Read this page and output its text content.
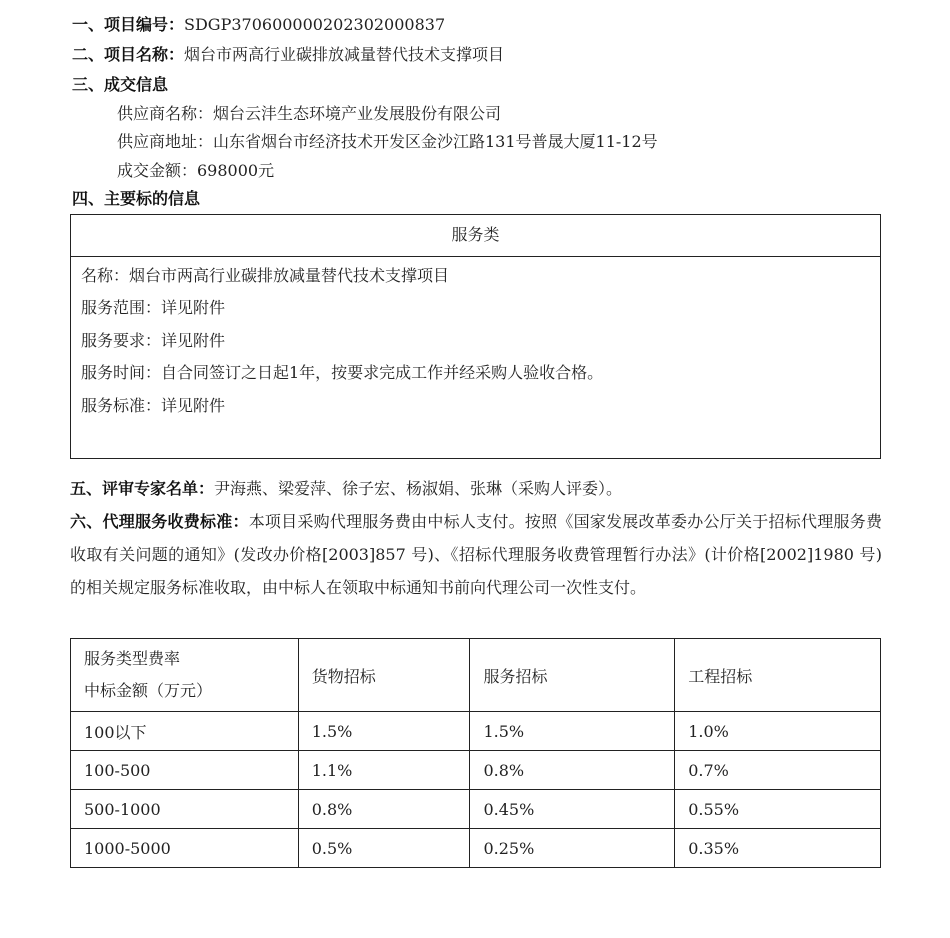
一、项目编号：SDGP370600000202302000837
二、项目名称：烟台市两高行业碳排放减量替代技术支撑项目
三、成交信息
供应商名称：烟台云沣生态环境产业发展股份有限公司
供应商地址：山东省烟台市经济技术开发区金沙江路131号普晟大厦11-12号
成交金额：698000元
四、主要标的信息
服务类
名称：烟台市两高行业碳排放减量替代技术支撑项目
服务范围：详见附件
服务要求：详见附件
服务时间：自合同签订之日起1年，按要求完成工作并经采购人验收合格。
服务标准：详见附件
五、评审专家名单：尹海燕、梁爱萍、徐子宏、杨淑娟、张琳（采购人评委）。
六、代理服务收费标准：本项目采购代理服务费由中标人支付。按照《国家发展改革委办公厅关于招标代理服务费收取有关问题的通知》(发改办价格[2003]857 号)、《招标代理服务收费管理暂行办法》(计价格[2002]1980 号)的相关规定服务标准收取，由中标人在领取中标通知书前向代理公司一次性支付。
服务类型费率
中标金额（万元）	货物招标	服务招标	工程招标
100以下	1.5%	1.5%	1.0%
100-500	1.1%	0.8%	0.7%
500-1000	0.8%	0.45%	0.55%
1000-5000	0.5%	0.25%	0.35%
